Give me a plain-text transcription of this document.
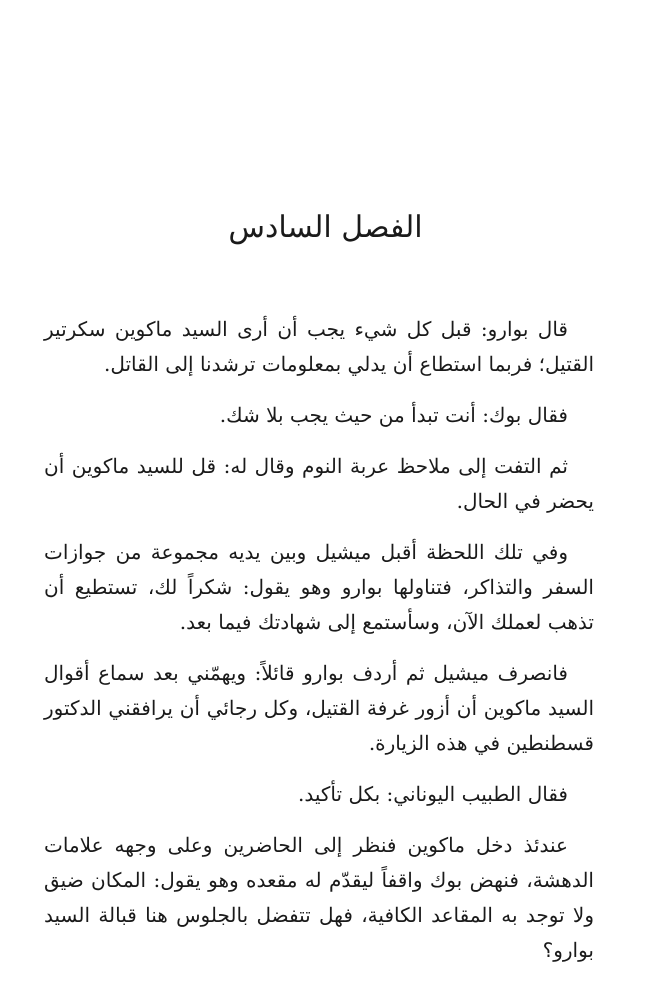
الفصل السادس

قال بوارو: قبل كل شيء يجب أن أرى السيد ماكوين سكرتير القتيل؛ فربما استطاع أن يدلي بمعلومات ترشدنا إلى القاتل.

فقال بوك: أنت تبدأ من حيث يجب بلا شك.

ثم التفت إلى ملاحظ عربة النوم وقال له: قل للسيد ماكوين أن يحضر في الحال.

وفي تلك اللحظة أقبل ميشيل وبين يديه مجموعة من جوازات السفر والتذاكر، فتناولها بوارو وهو يقول: شكراً لك، تستطيع أن تذهب لعملك الآن، وسأستمع إلى شهادتك فيما بعد.

فانصرف ميشيل ثم أردف بوارو قائلاً: ويهمّني بعد سماع أقوال السيد ماكوين أن أزور غرفة القتيل، وكل رجائي أن يرافقني الدكتور قسطنطين في هذه الزيارة.

فقال الطبيب اليوناني: بكل تأكيد.

عندئذ دخل ماكوين فنظر إلى الحاضرين وعلى وجهه علامات الدهشة، فنهض بوك واقفاً ليقدّم له مقعده وهو يقول: المكان ضيق ولا توجد به المقاعد الكافية، فهل تتفضل بالجلوس هنا قبالة السيد بوارو؟
